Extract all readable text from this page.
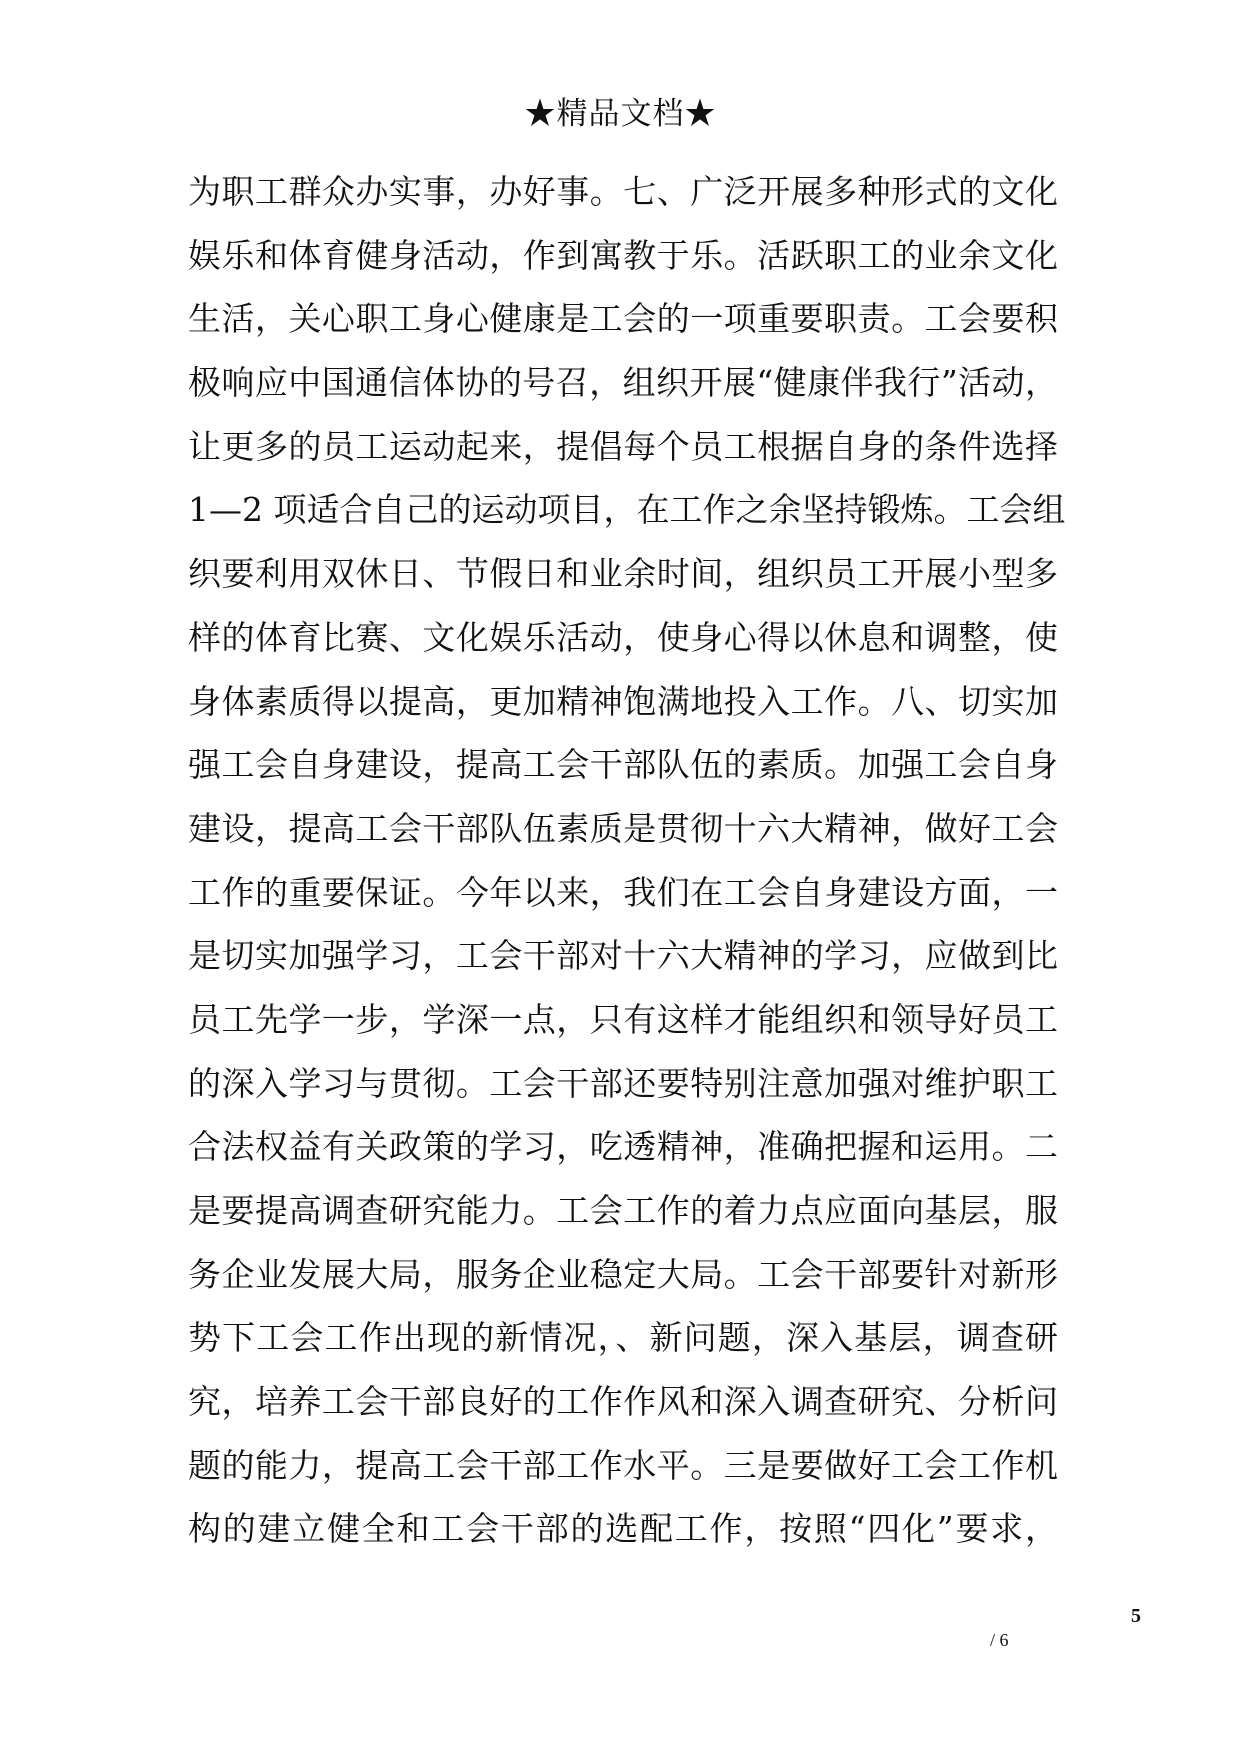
★精品文档★
为职工群众办实事，办好事。七、广泛开展多种形式的文化
娱乐和体育健身活动，作到寓教于乐。活跃职工的业余文化
生活，关心职工身心健康是工会的一项重要职责。工会要积
极响应中国通信体协的号召，组织开展“健康伴我行”活动，
让更多的员工运动起来，提倡每个员工根据自身的条件选择
1—2 项适合自己的运动项目，在工作之余坚持锻炼。工会组
织要利用双休日、节假日和业余时间，组织员工开展小型多
样的体育比赛、文化娱乐活动，使身心得以休息和调整，使
身体素质得以提高，更加精神饱满地投入工作。八、切实加
强工会自身建设，提高工会干部队伍的素质。加强工会自身
建设，提高工会干部队伍素质是贯彻十六大精神，做好工会
工作的重要保证。今年以来，我们在工会自身建设方面，一
是切实加强学习，工会干部对十六大精神的学习，应做到比
员工先学一步，学深一点，只有这样才能组织和领导好员工
的深入学习与贯彻。工会干部还要特别注意加强对维护职工
合法权益有关政策的学习，吃透精神，准确把握和运用。二
是要提高调查研究能力。工会工作的着力点应面向基层，服
务企业发展大局，服务企业稳定大局。工会干部要针对新形
势下工会工作出现的新情况，、新问题，深入基层，调查研
究，培养工会干部良好的工作作风和深入调查研究、分析问
题的能力，提高工会干部工作水平。三是要做好工会工作机
构的建立健全和工会干部的选配工作，按照“四化”要求，
5
/ 6
